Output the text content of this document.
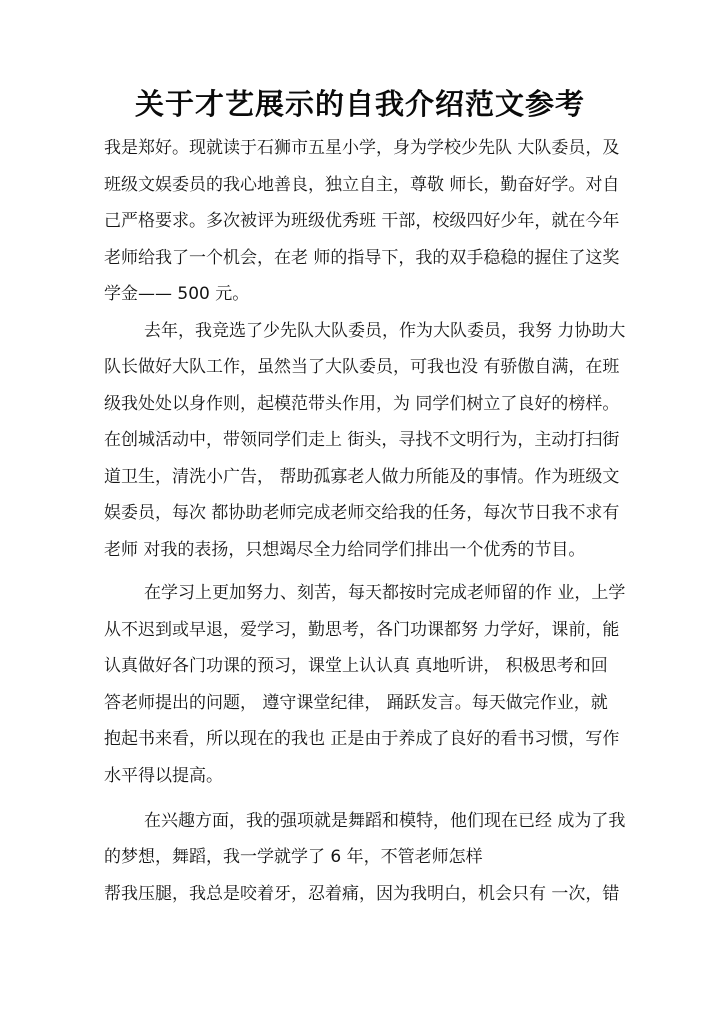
关于才艺展示的自我介绍范文参考
我是郑好。现就读于石狮市五星小学，身为学校少先队 大队委员，及
班级文娱委员的我心地善良，独立自主，尊敬 师长，勤奋好学。对自
己严格要求。多次被评为班级优秀班 干部，校级四好少年，就在今年
老师给我了一个机会，在老 师的指导下，我的双手稳稳的握住了这奖
学金—— 500 元。
去年，我竞选了少先队大队委员，作为大队委员，我努 力协助大
队长做好大队工作，虽然当了大队委员，可我也没 有骄傲自满，在班
级我处处以身作则，起模范带头作用，为 同学们树立了良好的榜样。
在创城活动中，带领同学们走上 街头，寻找不文明行为，主动打扫街
道卫生，清洗小广告， 帮助孤寡老人做力所能及的事情。作为班级文
娱委员，每次 都协助老师完成老师交给我的任务，每次节日我不求有
老师 对我的表扬，只想竭尽全力给同学们排出一个优秀的节目。
在学习上更加努力、刻苦，每天都按时完成老师留的作 业，上学
从不迟到或早退，爱学习，勤思考，各门功课都努 力学好，课前，能
认真做好各门功课的预习，课堂上认认真 真地听讲， 积极思考和回
答老师提出的问题， 遵守课堂纪律， 踊跃发言。每天做完作业，就
抱起书来看，所以现在的我也 正是由于养成了良好的看书习惯，写作
水平得以提高。
在兴趣方面，我的强项就是舞蹈和模特，他们现在已经 成为了我
的梦想，舞蹈，我一学就学了 6 年，不管老师怎样
帮我压腿，我总是咬着牙，忍着痛，因为我明白，机会只有 一次，错
